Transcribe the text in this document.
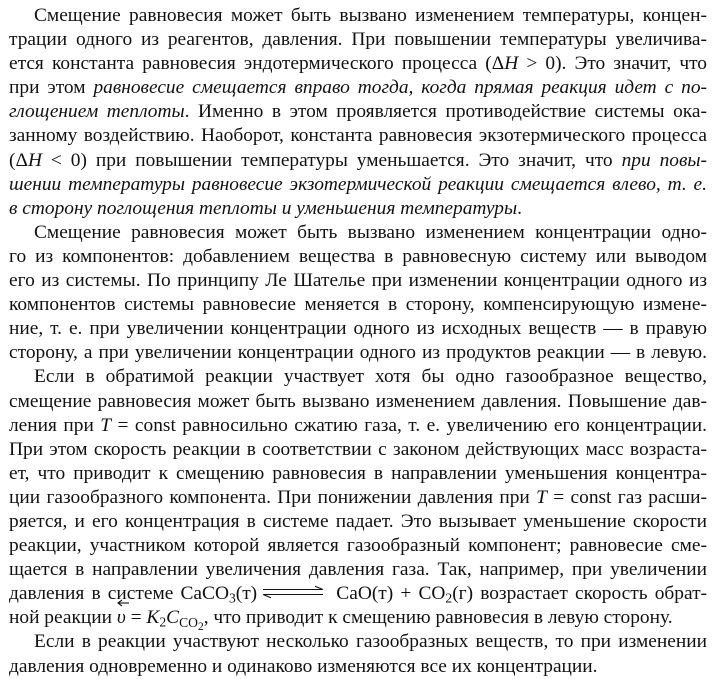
Смещение равновесия может быть вызвано изменением температуры, концен-
трации одного из реагентов, давления. При повышении температуры увеличива-
ется константа равновесия эндотермического процесса (ΔH > 0). Это значит, что
при этом равновесие смещается вправо тогда, когда прямая реакция идет с по-
глощением теплоты. Именно в этом проявляется противодействие системы ока-
занному воздействию. Наоборот, константа равновесия экзотермического процесса
(ΔH < 0) при повышении температуры уменьшается. Это значит, что при повы-
шении температуры равновесие экзотермической реакции смещается влево, т. е.
в сторону поглощения теплоты и уменьшения температуры.
Смещение равновесия может быть вызвано изменением концентрации одно-
го из компонентов: добавлением вещества в равновесную систему или выводом
его из системы. По принципу Ле Шателье при изменении концентрации одного из
компонентов системы равновесие меняется в сторону, компенсирующую измене-
ние, т. е. при увеличении концентрации одного из исходных веществ — в правую
сторону, а при увеличении концентрации одного из продуктов реакции — в левую.
Если в обратимой реакции участвует хотя бы одно газообразное вещество,
смещение равновесия может быть вызвано изменением давления. Повышение дав-
ления при T = const равносильно сжатию газа, т. е. увеличению его концентрации.
При этом скорость реакции в соответствии с законом действующих масс возраста-
ет, что приводит к смещению равновесия в направлении уменьшения концентра-
ции газообразного компонента. При понижении давления при T = const газ расши-
ряется, и его концентрация в системе падает. Это вызывает уменьшение скорости
реакции, участником которой является газообразный компонент; равновесие сме-
щается в направлении увеличения давления газа. Так, например, при увеличении
давления в системе CaCO$_3$(т) ⇌ $CaO(т) + CO_2(г)$ возрастает скорость обрат-
ной реакции
$\upsilon = K_2C_{CO_2}$, что приводит к смещению равновесия в левую сторону.
Если в реакции участвуют несколько газообразных веществ, то при изменении
давления одновременно и одинаково изменяются все их концентрации.
